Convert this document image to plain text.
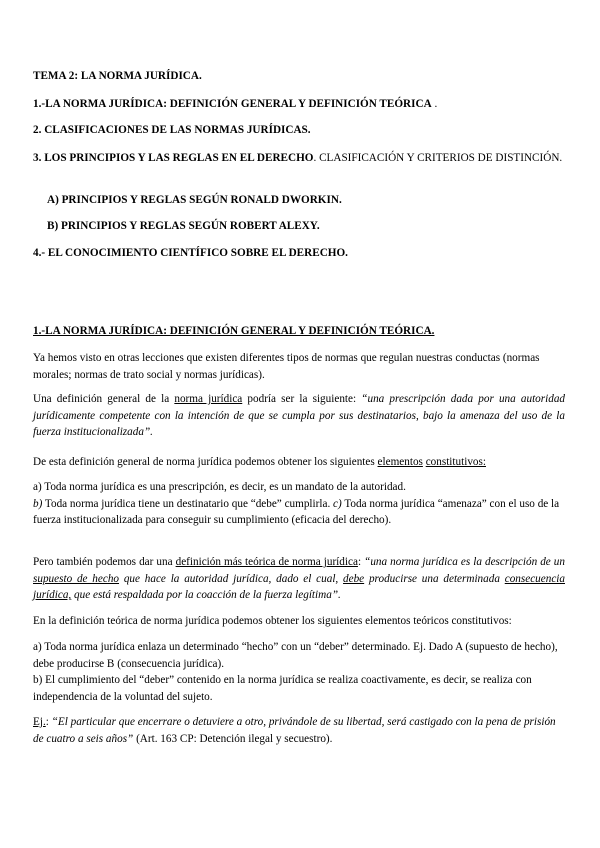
TEMA 2: LA NORMA JURÍDICA.
1.-LA NORMA JURÍDICA: DEFINICIÓN GENERAL Y DEFINICIÓN TEÓRICA .
2. CLASIFICACIONES DE LAS NORMAS JURÍDICAS.
3. LOS PRINCIPIOS Y LAS REGLAS EN EL DERECHO. CLASIFICACIÓN Y CRITERIOS DE DISTINCIÓN.
A) PRINCIPIOS Y REGLAS SEGÚN RONALD DWORKIN.
B) PRINCIPIOS Y REGLAS SEGÚN ROBERT ALEXY.
4.- EL CONOCIMIENTO CIENTÍFICO SOBRE EL DERECHO.
1.-LA NORMA JURÍDICA: DEFINICIÓN GENERAL Y DEFINICIÓN TEÓRICA.
Ya hemos visto en otras lecciones que existen diferentes tipos de normas que regulan nuestras conductas (normas morales; normas de trato social y normas jurídicas).
Una definición general de la norma jurídica podría ser la siguiente: “una prescripción dada por una autoridad jurídicamente competente con la intención de que se cumpla por sus destinatarios, bajo la amenaza del uso de la fuerza institucionalizada”.
De esta definición general de norma jurídica podemos obtener los siguientes elementos constitutivos:
a) Toda norma jurídica es una prescripción, es decir, es un mandato de la autoridad.
b) Toda norma jurídica tiene un destinatario que “debe” cumplirla. c) Toda norma jurídica “amenaza” con el uso de la fuerza institucionalizada para conseguir su cumplimiento (eficacia del derecho).
Pero también podemos dar una definición más teórica de norma jurídica: “una norma jurídica es la descripción de un supuesto de hecho que hace la autoridad jurídica, dado el cual, debe producirse una determinada consecuencia jurídica, que está respaldada por la coacción de la fuerza legítima”.
En la definición teórica de norma jurídica podemos obtener los siguientes elementos teóricos constitutivos:
a) Toda norma jurídica enlaza un determinado “hecho” con un “deber” determinado. Ej. Dado A (supuesto de hecho), debe producirse B (consecuencia jurídica).
b) El cumplimiento del “deber” contenido en la norma jurídica se realiza coactivamente, es decir, se realiza con independencia de la voluntad del sujeto.
Ej.: “El particular que encerrare o detuviere a otro, privándole de su libertad, será castigado con la pena de prisión de cuatro a seis años” (Art. 163 CP: Detención ilegal y secuestro).
